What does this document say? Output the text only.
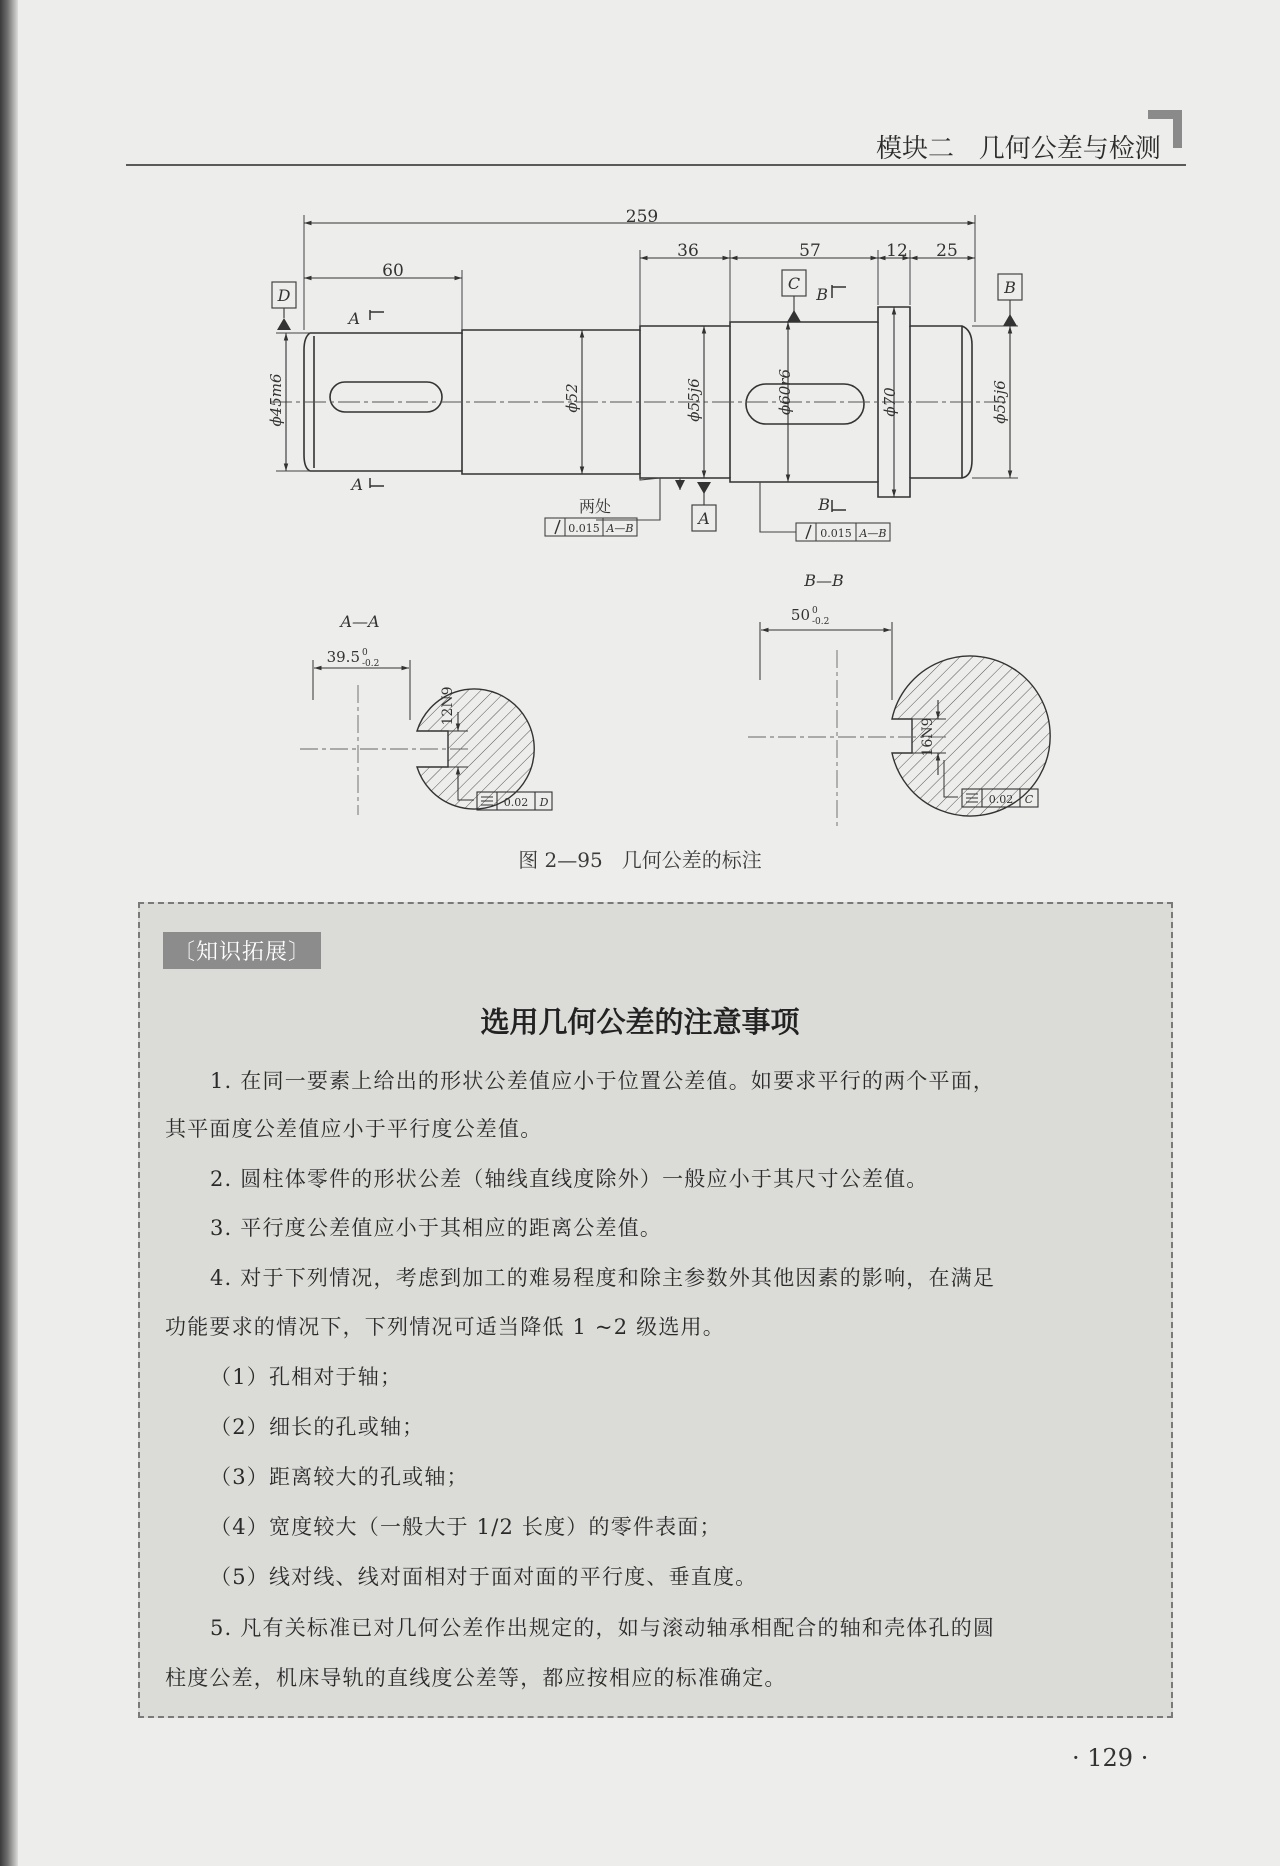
模块二   几何公差与检测
259
60
36	57	12 25
ϕ45m6	ϕ52	ϕ55j6	ϕ60r6	ϕ70	ϕ55j6
D
C	B
A
A
A
B
B
两处
0.015 A—B	0.015 A—B
A—A
B—B
39.5 0
-0.2
12N9
0.02 D
50 0
-0.2
16N9
0.02 C
图 2—95   几何公差的标注
〔知识拓展〕
选用几何公差的注意事项
1. 在同一要素上给出的形状公差值应小于位置公差值。如要求平行的两个平面，
其平面度公差值应小于平行度公差值。
2. 圆柱体零件的形状公差（轴线直线度除外）一般应小于其尺寸公差值。
3. 平行度公差值应小于其相应的距离公差值。
4. 对于下列情况，考虑到加工的难易程度和除主参数外其他因素的影响，在满足
功能要求的情况下，下列情况可适当降低 1 ~2 级选用。
（1）孔相对于轴；
（2）细长的孔或轴；
（3）距离较大的孔或轴；
（4）宽度较大（一般大于 1/2 长度）的零件表面；
（5）线对线、线对面相对于面对面的平行度、垂直度。
5. 凡有关标准已对几何公差作出规定的，如与滚动轴承相配合的轴和壳体孔的圆
柱度公差，机床导轨的直线度公差等，都应按相应的标准确定。
· 129 ·
